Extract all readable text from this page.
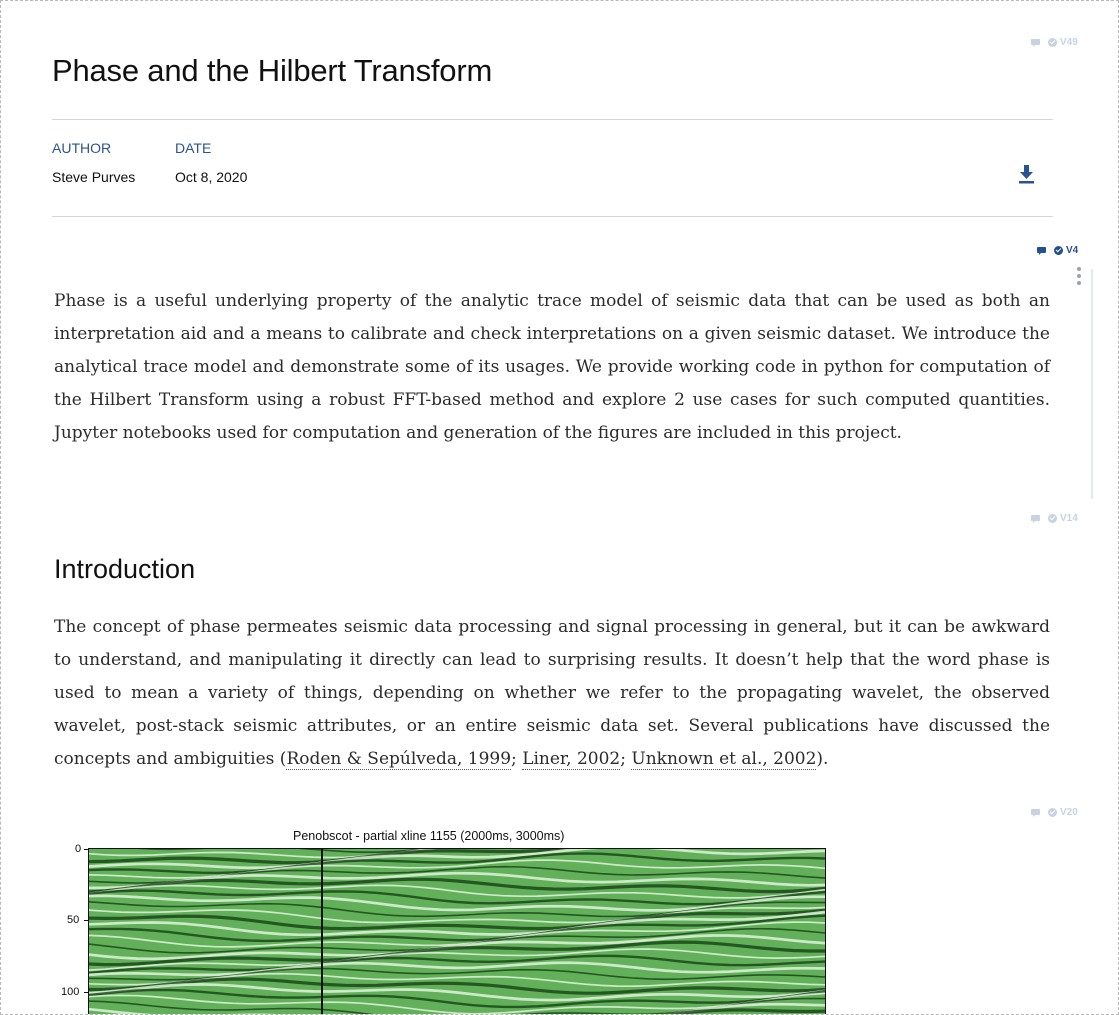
V49
Phase and the Hilbert Transform
AUTHOR
Steve Purves
DATE
Oct 8, 2020
V4

Phase is a useful underlying property of the analytic trace model of seismic data that can be used as both an interpretation aid and a means to calibrate and check interpretations on a given seismic dataset. We introduce the analytical trace model and demonstrate some of its usages. We provide working code in python for computation of the Hilbert Transform using a robust FFT-based method and explore 2 use cases for such computed quantities. Jupyter notebooks used for computation and generation of the figures are included in this project.

V14
Introduction

The concept of phase permeates seismic data processing and signal processing in general, but it can be awkward to understand, and manipulating it directly can lead to surprising results. It doesn’t help that the word phase is used to mean a variety of things, depending on whether we refer to the propagating wavelet, the observed wavelet, post-stack seismic attributes, or an entire seismic data set. Several publications have discussed the concepts and ambiguities (Roden & Sepúlveda, 1999; Liner, 2002; Unknown et al., 2002).

V20
Penobscot - partial xline 1155 (2000ms, 3000ms)
0
50
100
